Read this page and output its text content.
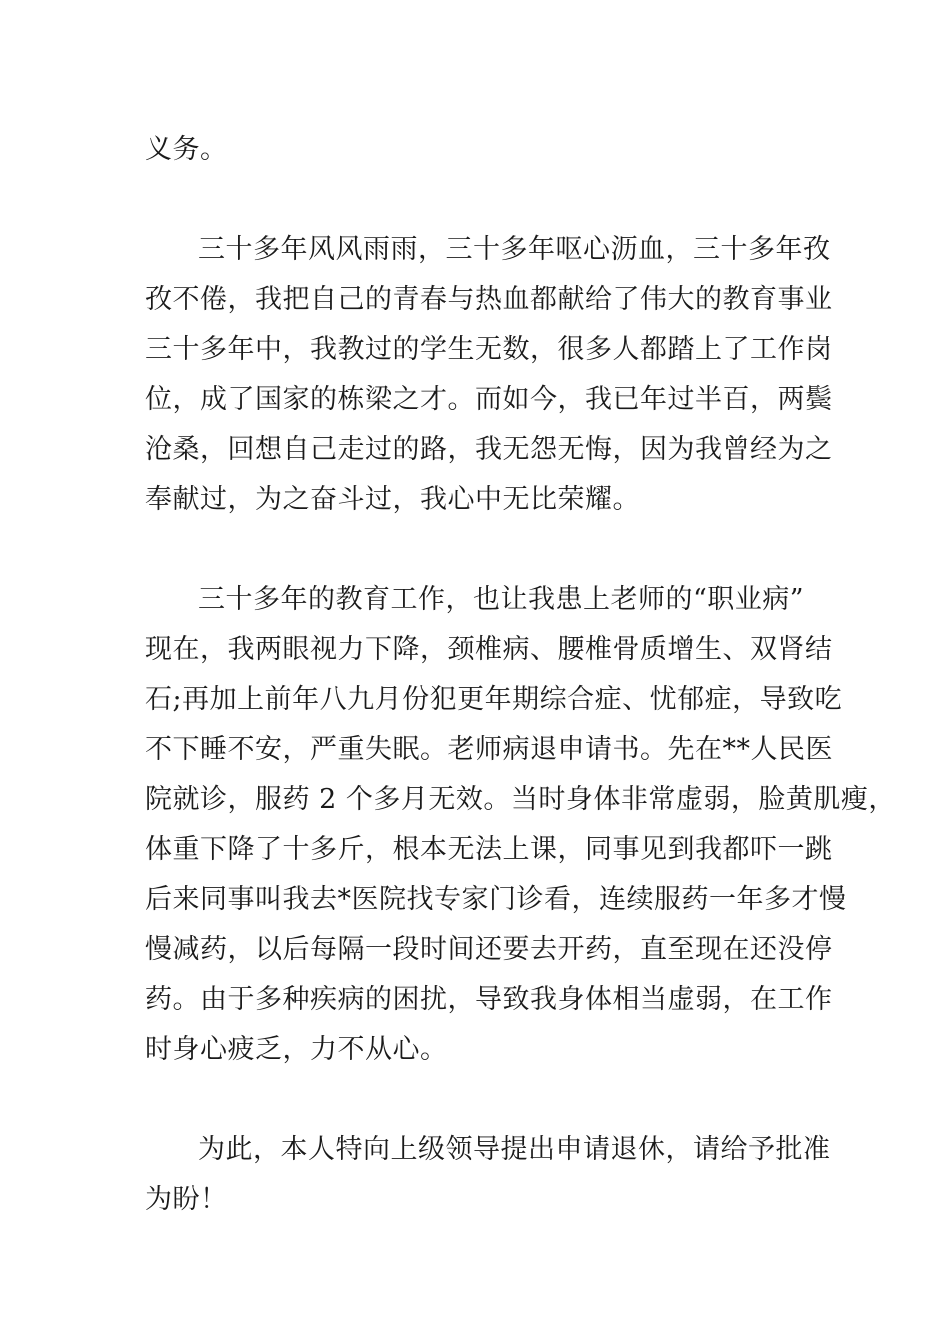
义务。
三十多年风风雨雨，三十多年呕心沥血，三十多年孜
孜不倦，我把自己的青春与热血都献给了伟大的教育事业
三十多年中，我教过的学生无数，很多人都踏上了工作岗
位，成了国家的栋梁之才。而如今，我已年过半百，两鬓
沧桑，回想自己走过的路，我无怨无悔，因为我曾经为之
奉献过，为之奋斗过，我心中无比荣耀。
三十多年的教育工作，也让我患上老师的“职业病”
现在，我两眼视力下降，颈椎病、腰椎骨质增生、双肾结
石;再加上前年八九月份犯更年期综合症、忧郁症，导致吃
不下睡不安，严重失眠。老师病退申请书。先在**人民医
院就诊，服药 2 个多月无效。当时身体非常虚弱，脸黄肌瘦，
体重下降了十多斤，根本无法上课，同事见到我都吓一跳
后来同事叫我去*医院找专家门诊看，连续服药一年多才慢
慢减药，以后每隔一段时间还要去开药，直至现在还没停
药。由于多种疾病的困扰，导致我身体相当虚弱，在工作
时身心疲乏，力不从心。
为此，本人特向上级领导提出申请退休，请给予批准
为盼！
